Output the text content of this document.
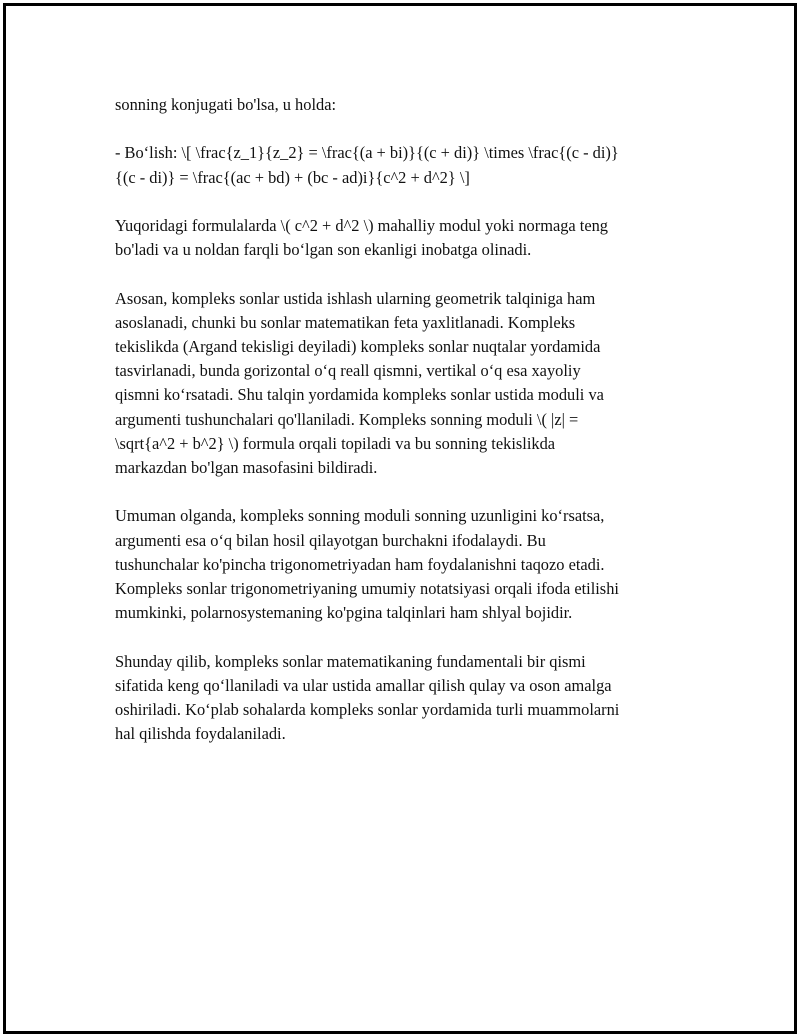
sonning konjugati bo'lsa, u holda:

- Bo‘lish: \[ \frac{z_1}{z_2} = \frac{(a + bi)}{(c + di)} \times \frac{(c - di)}
{(c - di)} = \frac{(ac + bd) + (bc - ad)i}{c^2 + d^2} \]

Yuqoridagi formulalarda \( c^2 + d^2 \) mahalliy modul yoki normaga teng
bo'ladi va u noldan farqli bo‘lgan son ekanligi inobatga olinadi.

Asosan, kompleks sonlar ustida ishlash ularning geometrik talqiniga ham
asoslanadi, chunki bu sonlar matematikan feta yaxlitlanadi. Kompleks
tekislikda (Argand tekisligi deyiladi) kompleks sonlar nuqtalar yordamida
tasvirlanadi, bunda gorizontal o‘q reall qismni, vertikal o‘q esa xayoliy
qismni ko‘rsatadi. Shu talqin yordamida kompleks sonlar ustida moduli va
argumenti tushunchalari qo'llaniladi. Kompleks sonning moduli \( |z| =
\sqrt{a^2 + b^2} \) formula orqali topiladi va bu sonning tekislikda
markazdan bo'lgan masofasini bildiradi.

Umuman olganda, kompleks sonning moduli sonning uzunligini ko‘rsatsa,
argumenti esa o‘q bilan hosil qilayotgan burchakni ifodalaydi. Bu
tushunchalar ko'pincha trigonometriyadan ham foydalanishni taqozo etadi.
Kompleks sonlar trigonometriyaning umumiy notatsiyasi orqali ifoda etilishi
mumkinki, polarnosystemaning ko'pgina talqinlari ham shlyal bojidir.

Shunday qilib, kompleks sonlar matematikaning fundamentali bir qismi
sifatida keng qo‘llaniladi va ular ustida amallar qilish qulay va oson amalga
oshiriladi. Ko‘plab sohalarda kompleks sonlar yordamida turli muammolarni
hal qilishda foydalaniladi.
